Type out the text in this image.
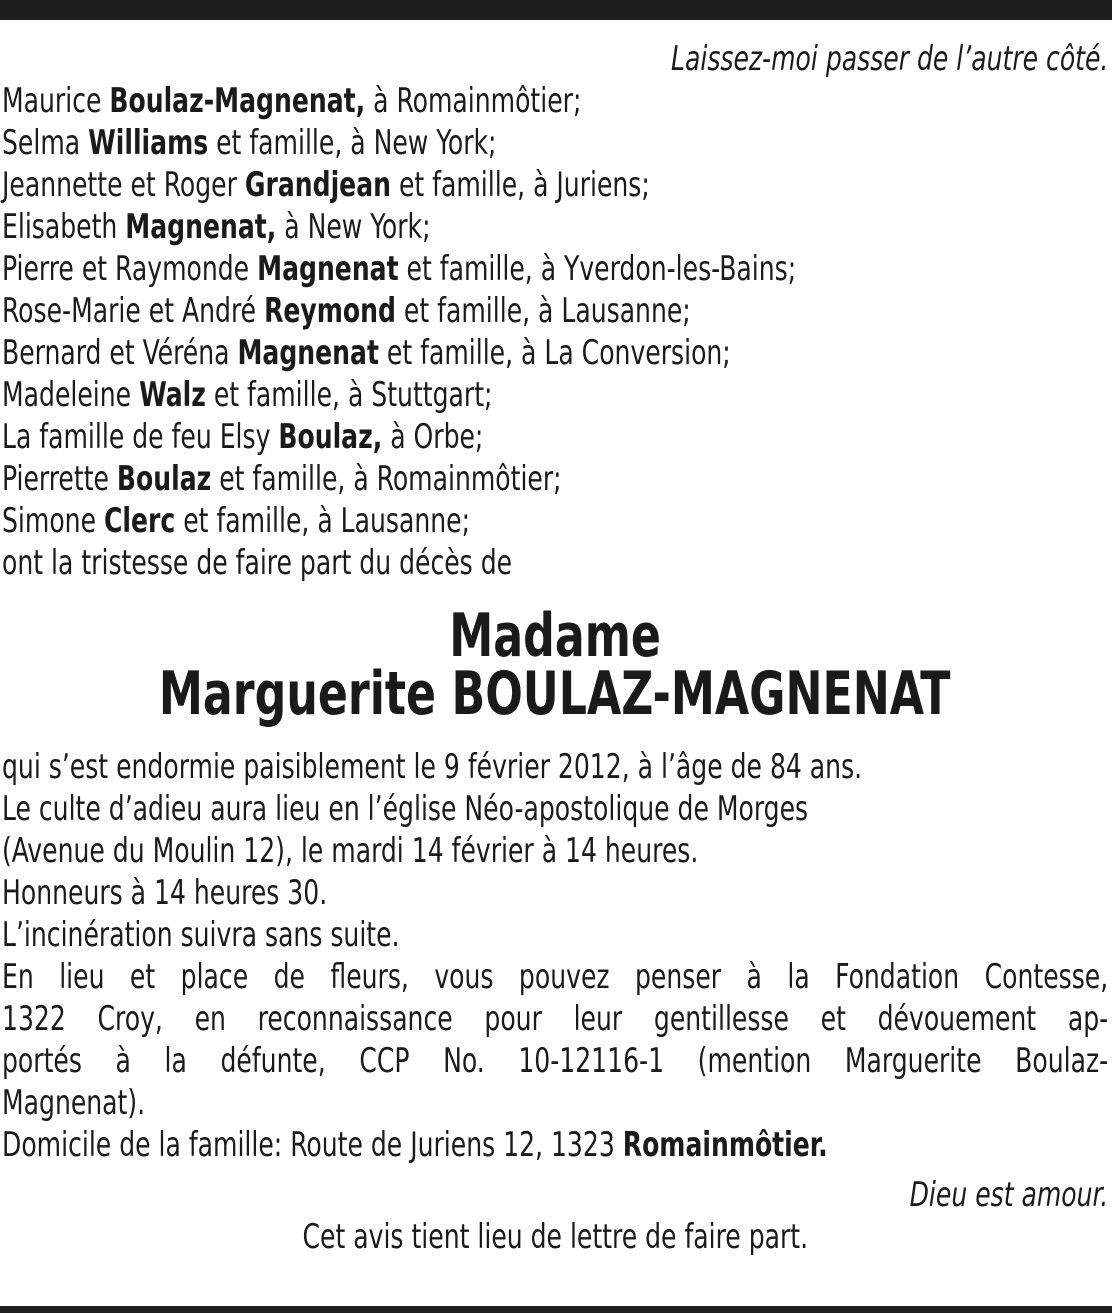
Laissez-moi passer de l’autre côté.
Maurice Boulaz-Magnenat, à Romainmôtier;
Selma Williams et famille, à New York;
Jeannette et Roger Grandjean et famille, à Juriens;
Elisabeth Magnenat, à New York;
Pierre et Raymonde Magnenat et famille, à Yverdon-les-Bains;
Rose-Marie et André Reymond et famille, à Lausanne;
Bernard et Véréna Magnenat et famille, à La Conversion;
Madeleine Walz et famille, à Stuttgart;
La famille de feu Elsy Boulaz, à Orbe;
Pierrette Boulaz et famille, à Romainmôtier;
Simone Clerc et famille, à Lausanne;
ont la tristesse de faire part du décès de
Madame
Marguerite BOULAZ-MAGNENAT
qui s’est endormie paisiblement le 9 février 2012, à l’âge de 84 ans.
Le culte d’adieu aura lieu en l’église Néo-apostolique de Morges
(Avenue du Moulin 12), le mardi 14 février à 14 heures.
Honneurs à 14 heures 30.
L’incinération suivra sans suite.
En lieu et place de fleurs, vous pouvez penser à la Fondation Contesse,
1322 Croy, en reconnaissance pour leur gentillesse et dévouement ap-
portés à la défunte, CCP No. 10-12116-1 (mention Marguerite Boulaz-
Magnenat).
Domicile de la famille: Route de Juriens 12, 1323 Romainmôtier.
Dieu est amour.
Cet avis tient lieu de lettre de faire part.
